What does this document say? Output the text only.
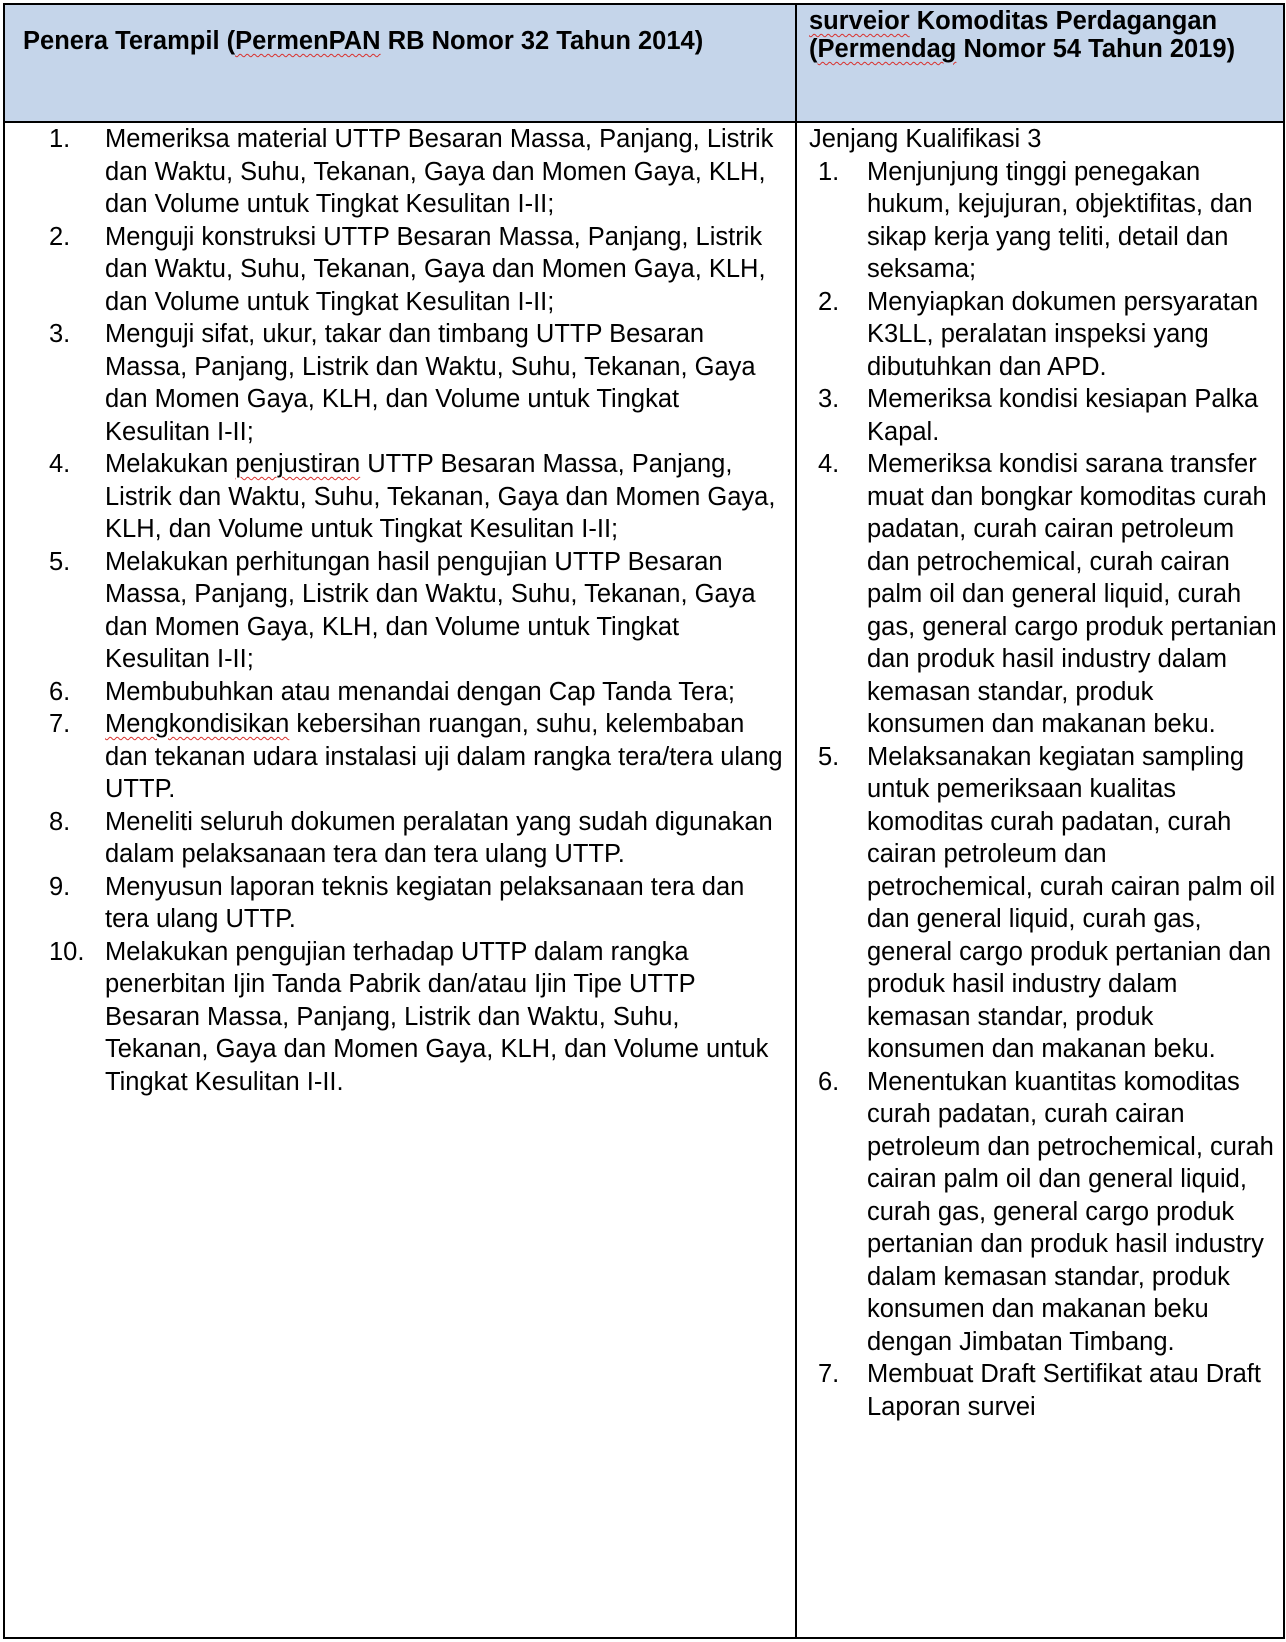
Penera Terampil (PermenPAN RB Nomor 32 Tahun 2014)	surveior Komoditas Perdagangan (Permendag Nomor 54 Tahun 2019)

1.	Memeriksa material UTTP Besaran Massa, Panjang, Listrik dan Waktu, Suhu, Tekanan, Gaya dan Momen Gaya, KLH, dan Volume untuk Tingkat Kesulitan I-II;
2.	Menguji konstruksi UTTP Besaran Massa, Panjang, Listrik dan Waktu, Suhu, Tekanan, Gaya dan Momen Gaya, KLH, dan Volume untuk Tingkat Kesulitan I-II;
3.	Menguji sifat, ukur, takar dan timbang UTTP Besaran Massa, Panjang, Listrik dan Waktu, Suhu, Tekanan, Gaya dan Momen Gaya, KLH, dan Volume untuk Tingkat Kesulitan I-II;
4.	Melakukan penjustiran UTTP Besaran Massa, Panjang, Listrik dan Waktu, Suhu, Tekanan, Gaya dan Momen Gaya, KLH, dan Volume untuk Tingkat Kesulitan I-II;
5.	Melakukan perhitungan hasil pengujian UTTP Besaran Massa, Panjang, Listrik dan Waktu, Suhu, Tekanan, Gaya dan Momen Gaya, KLH, dan Volume untuk Tingkat Kesulitan I-II;
6.	Membubuhkan atau menandai dengan Cap Tanda Tera;
7.	Mengkondisikan kebersihan ruangan, suhu, kelembaban dan tekanan udara instalasi uji dalam rangka tera/tera ulang UTTP.
8.	Meneliti seluruh dokumen peralatan yang sudah digunakan dalam pelaksanaan tera dan tera ulang UTTP.
9.	Menyusun laporan teknis kegiatan pelaksanaan tera dan tera ulang UTTP.
10. Melakukan pengujian terhadap UTTP dalam rangka penerbitan Ijin Tanda Pabrik dan/atau Ijin Tipe UTTP Besaran Massa, Panjang, Listrik dan Waktu, Suhu, Tekanan, Gaya dan Momen Gaya, KLH, dan Volume untuk Tingkat Kesulitan I-II.

Jenjang Kualifikasi 3
1.	Menjunjung tinggi penegakan hukum, kejujuran, objektifitas, dan sikap kerja yang teliti, detail dan seksama;
2.	Menyiapkan dokumen persyaratan K3LL, peralatan inspeksi yang dibutuhkan dan APD.
3.	Memeriksa kondisi kesiapan Palka Kapal.
4.	Memeriksa kondisi sarana transfer muat dan bongkar komoditas curah padatan, curah cairan petroleum dan petrochemical, curah cairan palm oil dan general liquid, curah gas, general cargo produk pertanian dan produk hasil industry dalam kemasan standar, produk konsumen dan makanan beku.
5.	Melaksanakan kegiatan sampling untuk pemeriksaan kualitas komoditas curah padatan, curah cairan petroleum dan petrochemical, curah cairan palm oil dan general liquid, curah gas, general cargo produk pertanian dan produk hasil industry dalam kemasan standar, produk konsumen dan makanan beku.
6.	Menentukan kuantitas komoditas curah padatan, curah cairan petroleum dan petrochemical, curah cairan palm oil dan general liquid, curah gas, general cargo produk pertanian dan produk hasil industry dalam kemasan standar, produk konsumen dan makanan beku dengan Jimbatan Timbang.
7.	Membuat Draft Sertifikat atau Draft Laporan survei
